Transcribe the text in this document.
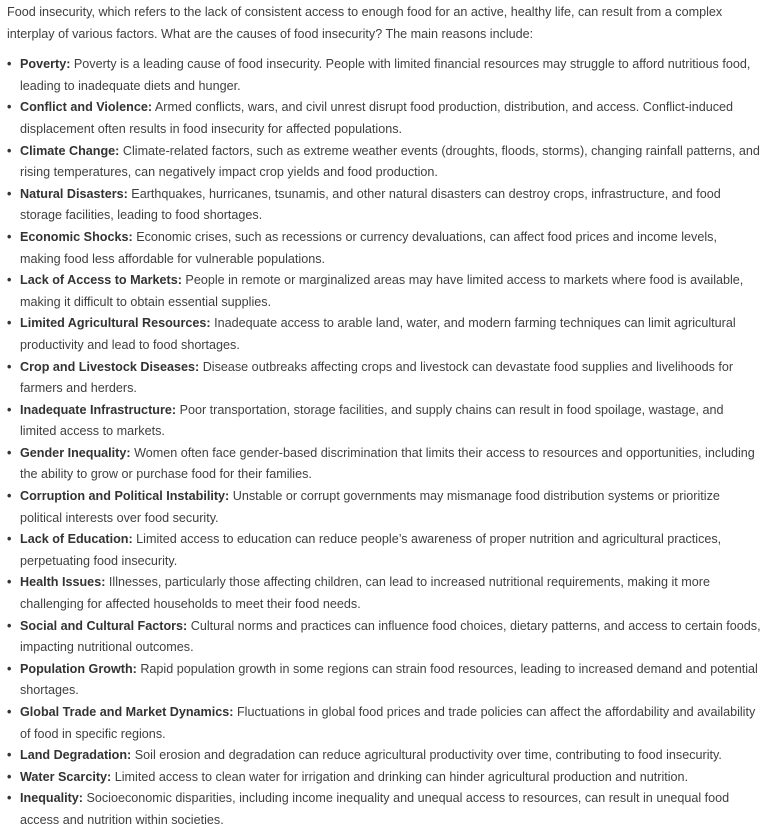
Food insecurity, which refers to the lack of consistent access to enough food for an active, healthy life, can result from a complex interplay of various factors. What are the causes of food insecurity? The main reasons include:

• Poverty: Poverty is a leading cause of food insecurity. People with limited financial resources may struggle to afford nutritious food, leading to inadequate diets and hunger.
• Conflict and Violence: Armed conflicts, wars, and civil unrest disrupt food production, distribution, and access. Conflict-induced displacement often results in food insecurity for affected populations.
• Climate Change: Climate-related factors, such as extreme weather events (droughts, floods, storms), changing rainfall patterns, and rising temperatures, can negatively impact crop yields and food production.
• Natural Disasters: Earthquakes, hurricanes, tsunamis, and other natural disasters can destroy crops, infrastructure, and food storage facilities, leading to food shortages.
• Economic Shocks: Economic crises, such as recessions or currency devaluations, can affect food prices and income levels, making food less affordable for vulnerable populations.
• Lack of Access to Markets: People in remote or marginalized areas may have limited access to markets where food is available, making it difficult to obtain essential supplies.
• Limited Agricultural Resources: Inadequate access to arable land, water, and modern farming techniques can limit agricultural productivity and lead to food shortages.
• Crop and Livestock Diseases: Disease outbreaks affecting crops and livestock can devastate food supplies and livelihoods for farmers and herders.
• Inadequate Infrastructure: Poor transportation, storage facilities, and supply chains can result in food spoilage, wastage, and limited access to markets.
• Gender Inequality: Women often face gender-based discrimination that limits their access to resources and opportunities, including the ability to grow or purchase food for their families.
• Corruption and Political Instability: Unstable or corrupt governments may mismanage food distribution systems or prioritize political interests over food security.
• Lack of Education: Limited access to education can reduce people’s awareness of proper nutrition and agricultural practices, perpetuating food insecurity.
• Health Issues: Illnesses, particularly those affecting children, can lead to increased nutritional requirements, making it more challenging for affected households to meet their food needs.
• Social and Cultural Factors: Cultural norms and practices can influence food choices, dietary patterns, and access to certain foods, impacting nutritional outcomes.
• Population Growth: Rapid population growth in some regions can strain food resources, leading to increased demand and potential shortages.
• Global Trade and Market Dynamics: Fluctuations in global food prices and trade policies can affect the affordability and availability of food in specific regions.
• Land Degradation: Soil erosion and degradation can reduce agricultural productivity over time, contributing to food insecurity.
• Water Scarcity: Limited access to clean water for irrigation and drinking can hinder agricultural production and nutrition.
• Inequality: Socioeconomic disparities, including income inequality and unequal access to resources, can result in unequal food access and nutrition within societies.
